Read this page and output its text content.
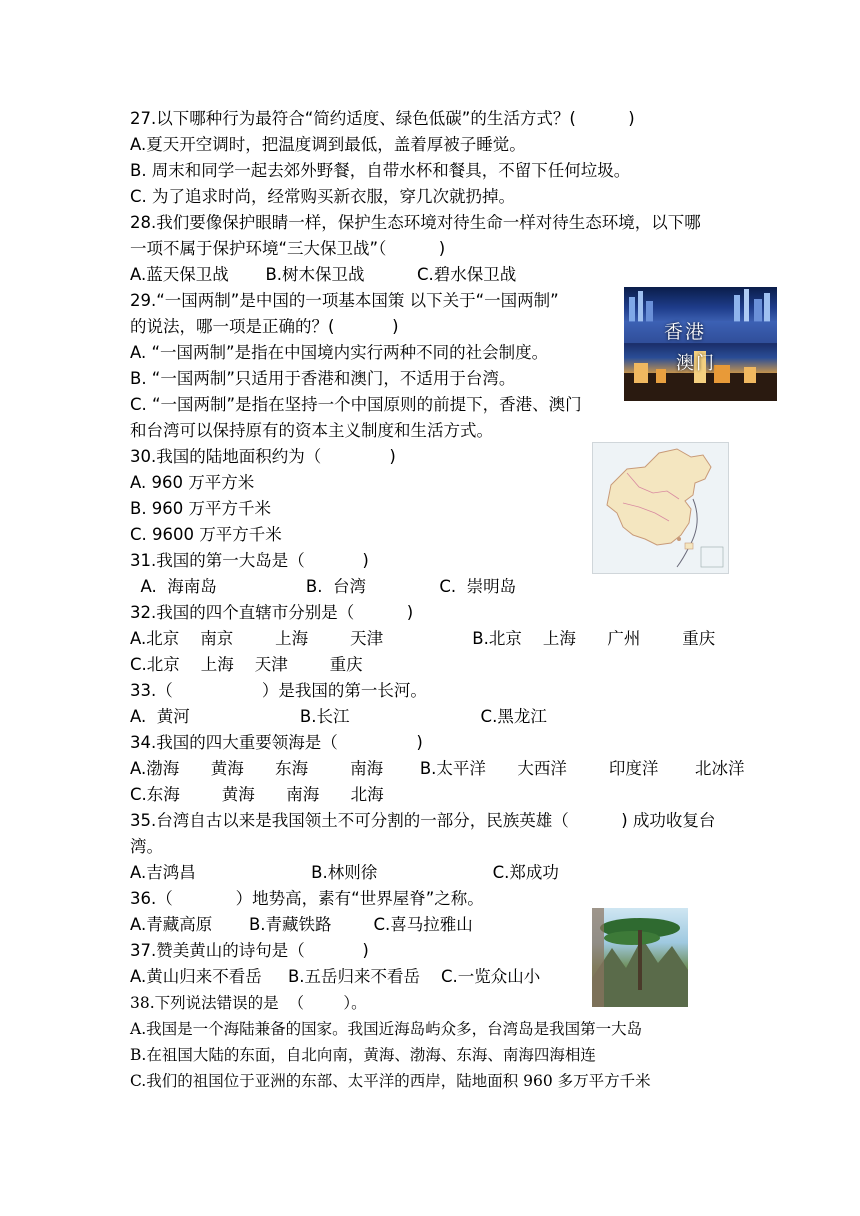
27.以下哪种行为最符合“简约适度、绿色低碳”的生活方式？(          )
A.夏天开空调时，把温度调到最低，盖着厚被子睡觉。
B. 周末和同学一起去郊外野餐，自带水杯和餐具，不留下任何垃圾。
C. 为了追求时尚，经常购买新衣服，穿几次就扔掉。
28.我们要像保护眼睛一样，保护生态环境对待生命一样对待生态环境，以下哪
一项不属于保护环境“三大保卫战”（          )
A.蓝天保卫战       B.树木保卫战          C.碧水保卫战
29.“一国两制”是中国的一项基本国策 以下关于“一国两制”
的说法，哪一项是正确的？(           )
A. “一国两制”是指在中国境内实行两种不同的社会制度。
B. “一国两制”只适用于香港和澳门，不适用于台湾。
C. “一国两制”是指在坚持一个中国原则的前提下，香港、澳门
和台湾可以保持原有的资本主义制度和生活方式。
30.我国的陆地面积约为（             )
A. 960 万平方米
B. 960 万平方千米
C. 9600 万平方千米
31.我国的第一大岛是（           )
A.  海南岛                 B.  台湾              C.  崇明岛
32.我国的四个直辖市分别是（          )
A.北京    南京        上海        天津                 B.北京    上海      广州        重庆
C.北京    上海    天津        重庆
33.（                 ）是我国的第一长河。
A.  黄河                     B.长江                         C.黑龙江
34.我国的四大重要领海是（               )
A.渤海      黄海      东海        南海       B.太平洋      大西洋        印度洋       北冰洋
C.东海        黄海      南海      北海
35.台湾自古以来是我国领土不可分割的一部分，民族英雄（          ) 成功收复台
湾。
A.吉鸿昌                      B.林则徐                      C.郑成功
36.（            ）地势高，素有“世界屋脊”之称。
A.青藏高原       B.青藏铁路        C.喜马拉雅山
37.赞美黄山的诗句是（           )
A.黄山归来不看岳     B.五岳归来不看岳    C.一览众山小
38.下列说法错误的是  （        ）。
A.我国是一个海陆兼备的国家。我国近海岛屿众多，台湾岛是我国第一大岛
B.在祖国大陆的东面，自北向南，黄海、渤海、东海、南海四海相连
C.我们的祖国位于亚洲的东部、太平洋的西岸，陆地面积 960 多万平方千米
香港
澳门
